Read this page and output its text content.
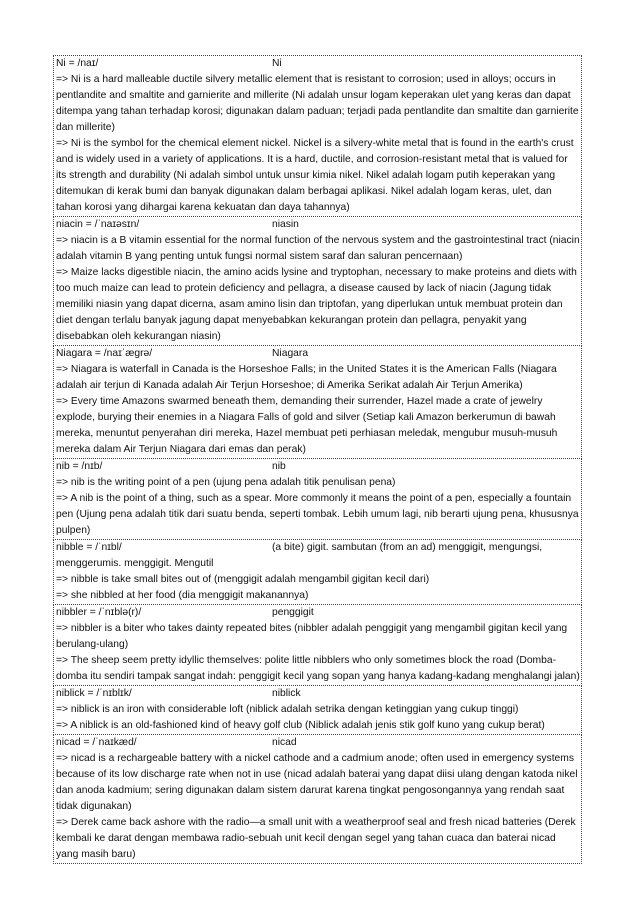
Ni = /naɪ/	Ni
=> Ni is a hard malleable ductile silvery metallic element that is resistant to corrosion; used in alloys; occurs in pentlandite and smaltite and garnierite and millerite (Ni adalah unsur logam keperakan ulet yang keras dan dapat ditempa yang tahan terhadap korosi; digunakan dalam paduan; terjadi pada pentlandite dan smaltite dan garnierite dan millerite)
=> Ni is the symbol for the chemical element nickel. Nickel is a silvery-white metal that is found in the earth's crust and is widely used in a variety of applications. It is a hard, ductile, and corrosion-resistant metal that is valued for its strength and durability (Ni adalah simbol untuk unsur kimia nikel. Nikel adalah logam putih keperakan yang ditemukan di kerak bumi dan banyak digunakan dalam berbagai aplikasi. Nikel adalah logam keras, ulet, dan tahan korosi yang dihargai karena kekuatan dan daya tahannya)
niacin = /ˈnaɪəsɪn/	niasin
=> niacin is a B vitamin essential for the normal function of the nervous system and the gastrointestinal tract (niacin adalah vitamin B yang penting untuk fungsi normal sistem saraf dan saluran pencernaan)
=> Maize lacks digestible niacin, the amino acids lysine and tryptophan, necessary to make proteins and diets with too much maize can lead to protein deficiency and pellagra, a disease caused by lack of niacin (Jagung tidak memiliki niasin yang dapat dicerna, asam amino lisin dan triptofan, yang diperlukan untuk membuat protein dan diet dengan terlalu banyak jagung dapat menyebabkan kekurangan protein dan pellagra, penyakit yang disebabkan oleh kekurangan niasin)
Niagara = /naɪˈæɡrə/	Niagara
=> Niagara is waterfall in Canada is the Horseshoe Falls; in the United States it is the American Falls (Niagara adalah air terjun di Kanada adalah Air Terjun Horseshoe; di Amerika Serikat adalah Air Terjun Amerika)
=> Every time Amazons swarmed beneath them, demanding their surrender, Hazel made a crate of jewelry explode, burying their enemies in a Niagara Falls of gold and silver (Setiap kali Amazon berkerumun di bawah mereka, menuntut penyerahan diri mereka, Hazel membuat peti perhiasan meledak, mengubur musuh-musuh mereka dalam Air Terjun Niagara dari emas dan perak)
nib = /nɪb/	nib
=> nib is the writing point of a pen (ujung pena adalah titik penulisan pena)
=> A nib is the point of a thing, such as a spear. More commonly it means the point of a pen, especially a fountain pen (Ujung pena adalah titik dari suatu benda, seperti tombak. Lebih umum lagi, nib berarti ujung pena, khususnya pulpen)
nibble = /ˈnɪbl/	(a bite) gigit. sambutan (from an ad) menggigit, mengungsi, menggerumis. menggigit. Mengutil
=> nibble is take small bites out of (menggigit adalah mengambil gigitan kecil dari)
=> she nibbled at her food (dia menggigit makanannya)
nibbler = /ˈnɪblə(r)/	penggigit
=> nibbler is a biter who takes dainty repeated bites (nibbler adalah penggigit yang mengambil gigitan kecil yang berulang-ulang)
=> The sheep seem pretty idyllic themselves: polite little nibblers who only sometimes block the road (Domba-domba itu sendiri tampak sangat indah: penggigit kecil yang sopan yang hanya kadang-kadang menghalangi jalan)
niblick = /ˈnɪblɪk/	niblick
=> niblick is an iron with considerable loft (niblick adalah setrika dengan ketinggian yang cukup tinggi)
=> A niblick is an old-fashioned kind of heavy golf club (Niblick adalah jenis stik golf kuno yang cukup berat)
nicad = /ˈnaɪkæd/	nicad
=> nicad is a rechargeable battery with a nickel cathode and a cadmium anode; often used in emergency systems because of its low discharge rate when not in use (nicad adalah baterai yang dapat diisi ulang dengan katoda nikel dan anoda kadmium; sering digunakan dalam sistem darurat karena tingkat pengosongannya yang rendah saat tidak digunakan)
=> Derek came back ashore with the radio—a small unit with a weatherproof seal and fresh nicad batteries (Derek kembali ke darat dengan membawa radio-sebuah unit kecil dengan segel yang tahan cuaca dan baterai nicad yang masih baru)
